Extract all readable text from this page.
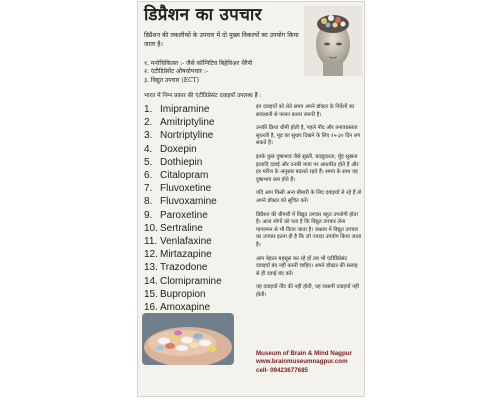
डिप्रैशन का उपचार
डिप्रैशन की तकलीफों के उपचार में दो मुख्य विकल्पों का उपयोग किया जाता है।
१. मनोचिकित्सा :- जैसे कॉग्निटिव बिहेविअर थैरैपी
२. एंटीडिप्रेसेंट औषधोपचार :-
३. विद्युत उपचार (ECT)
भारत में निम्न प्रकार की एंटीडिप्रेसंट दवाइयाँ उपलब्ध हैं :
1. Imipramine
2. Amitriptyline
3. Nortriptyline
4. Doxepin
5. Dothiepin
6. Citalopram
7. Fluvoxetine
8. Fluvoxamine
9. Paroxetine
10. Sertraline
11. Venlafaxine
12. Mirtazapine
13. Trazodone
14. Clomipramine
15. Bupropion
16. Amoxapine

इन दवाइयों को लेते समय अपने डॉक्टर के निर्देशों का सावधानी से पालन करना जरूरी है।

उनकी क्रिया धीमी होती है, पहले नींद और तनावग्रस्तता सुधरती है, मूड का सुधार दिखने के लिए १५-३० दिन लग सकते हैं।

इनके कुछ दुष्प्रभाव जैसे सुस्ती, बदबूदारता, मुँह सूखना इत्यादि दवाई और उनकी मात्रा पर आधारित होते हैं और हर मरीज के अनुसार बदलते रहते हैं। समय के साथ यह दुष्प्रभाव कम होते हैं।

यदि आप किसी अन्य बीमारी के लिए दवाइयाँ ले रहे हैं तो अपने डॉक्टर को सूचित करें।

डिप्रैशन की बीमारी में विद्युत उपचार बहुत उपयोगी होता है। आज लोगों को पता है कि विद्युत उपचार लेना पागलपन से भी किया जाता है। वास्तव में विद्युत उपचार का उपचार इतना ही है कि जो ज्यादा उपयोग किया जाता है।

आप बेहतर महसूस कर रहे हों तब भी एंटीडिप्रेसंट दवाइयाँ बंद नहीं करनी चाहिए। अपने डॉक्टर की सलाह से ही दवाई बंद करें।

यह दवाइयाँ नींद की नहीं होती, यह व्यसनी दवाइयाँ नहीं होती।

Museum of Brain & Mind Nagpur
www.brainmuseumnagpur.com
cell- 09423677685
